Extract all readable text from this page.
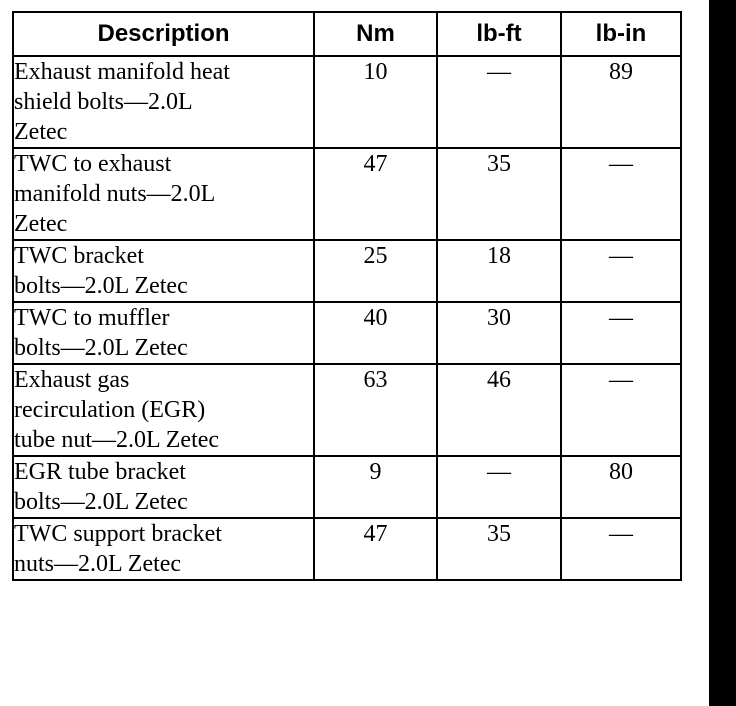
Description	Nm	lb-ft	lb-in
Exhaust manifold heat
shield bolts—2.0L
Zetec	10	—	89
TWC to exhaust
manifold nuts—2.0L
Zetec	47	35	—
TWC bracket
bolts—2.0L Zetec	25	18	—
TWC to muffler
bolts—2.0L Zetec	40	30	—
Exhaust gas
recirculation (EGR)
tube nut—2.0L Zetec	63	46	—
EGR tube bracket
bolts—2.0L Zetec	9	—	80
TWC support bracket
nuts—2.0L Zetec	47	35	—
